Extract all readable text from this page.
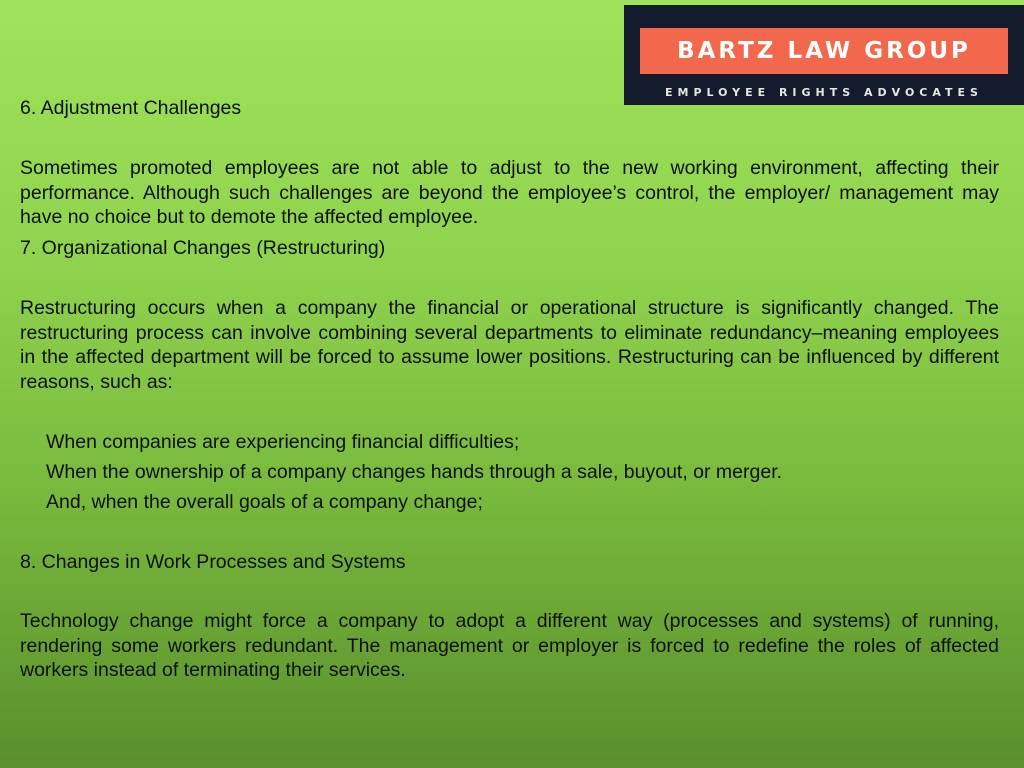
BARTZ LAW GROUP
EMPLOYEE RIGHTS ADVOCATES
6. Adjustment Challenges

Sometimes promoted employees are not able to adjust to the new working environment, affecting their performance. Although such challenges are beyond the employee’s control, the employer/ management may have no choice but to demote the affected employee.

7. Organizational Changes (Restructuring)

Restructuring occurs when a company the financial or operational structure is significantly changed. The restructuring process can involve combining several departments to eliminate redundancy–meaning employees in the affected department will be forced to assume lower positions. Restructuring can be influenced by different reasons, such as:

When companies are experiencing financial difficulties;
When the ownership of a company changes hands through a sale, buyout, or merger.
And, when the overall goals of a company change;
8. Changes in Work Processes and Systems

Technology change might force a company to adopt a different way (processes and systems) of running, rendering some workers redundant. The management or employer is forced to redefine the roles of affected workers instead of terminating their services.
